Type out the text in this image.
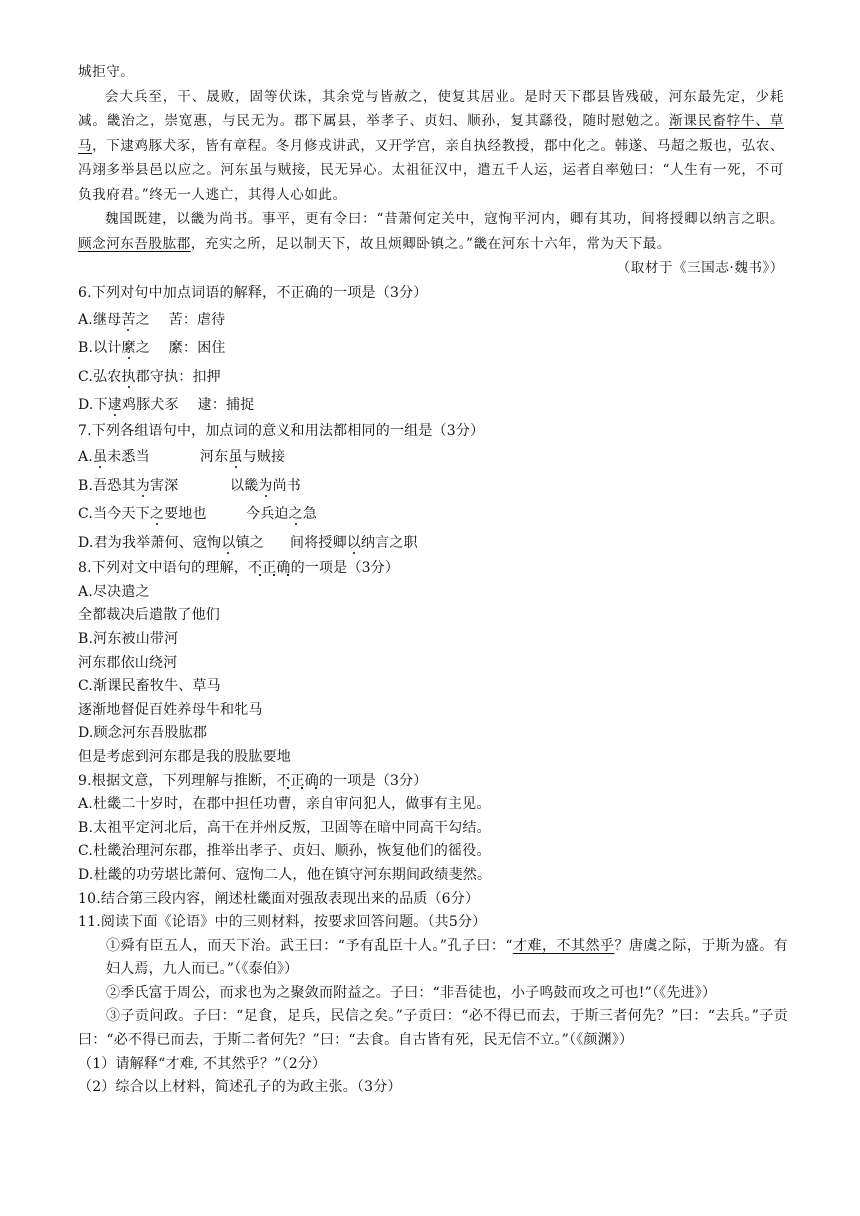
城拒守。

会大兵至，干、晟败，固等伏诛，其余党与皆赦之，使复其居业。是时天下郡县皆残破，河东最先定，少耗减。畿治之，崇宽惠，与民无为。郡下属县，举孝子、贞妇、顺孙，复其繇役，随时慰勉之。渐课民畜牸牛、草马，下逮鸡豚犬豕，皆有章程。冬月修戎讲武，又开学宫，亲自执经教授，郡中化之。韩遂、马超之叛也，弘农、冯翊多举县邑以应之。河东虽与贼接，民无异心。太祖征汉中，遣五千人运，运者自率勉曰：“人生有一死，不可负我府君。”终无一人逃亡，其得人心如此。

魏国既建，以畿为尚书。事平，更有令曰：“昔萧何定关中，寇恂平河内，卿有其功，间将授卿以纳言之职。顾念河东吾股肱郡，充实之所，足以制天下，故且烦卿卧镇之。”畿在河东十六年，常为天下最。

（取材于《三国志·魏书》）

6.下列对句中加点词语的解释，不正确的一项是（3分）
A.继母苦之　 苦：虐待
B.以计縻之　 縻：困住
C.弘农执郡守执：扣押
D.下逮鸡豚犬豕　 逮：捕捉
7.下列各组语句中，加点词的意义和用法都相同的一组是（3分）
A.虽未悉当	河东虽与贼接
B.吾恐其为害深	以畿为尚书
C.当今天下之要地也	今兵迫之急
D.君为我举萧何、寇恂以镇之 间将授卿以纳言之职
8.下列对文中语句的理解，不正确的一项是（3分）
A.尽决遣之
全都裁决后遣散了他们
B.河东被山带河
河东郡依山绕河
C.渐课民畜牧牛、草马
逐渐地督促百姓养母牛和牝马
D.顾念河东吾股肱郡
但是考虑到河东郡是我的股肱要地
9.根据文意，下列理解与推断，不正确的一项是（3分）
A.杜畿二十岁时，在郡中担任功曹，亲自审问犯人，做事有主见。
B.太祖平定河北后，高干在并州反叛，卫固等在暗中同高干勾结。
C.杜畿治理河东郡，推举出孝子、贞妇、顺孙，恢复他们的徭役。
D.杜畿的功劳堪比萧何、寇恂二人，他在镇守河东期间政绩斐然。
10.结合第三段内容，阐述杜畿面对强敌表现出来的品质（6分）
11.阅读下面《论语》中的三则材料，按要求回答问题。（共5分）
①舜有臣五人，而天下治。武王曰：“予有乱臣十人。”孔子曰：“才难，不其然乎？唐虞之际，于斯为盛。有妇人焉，九人而已。”（《泰伯》）
②季氏富于周公，而求也为之聚敛而附益之。子曰：“非吾徒也，小子鸣鼓而攻之可也!”（《先进》）
③子贡问政。子曰：“足食，足兵，民信之矣。”子贡曰：“必不得已而去，于斯三者何先？”曰：“去兵。”子贡曰：“必不得已而去，于斯二者何先？”曰：“去食。自古皆有死，民无信不立。”（《颜渊》）
（1）请解释“才难, 不其然乎？”（2分）
（2）综合以上材料，简述孔子的为政主张。（3分）
